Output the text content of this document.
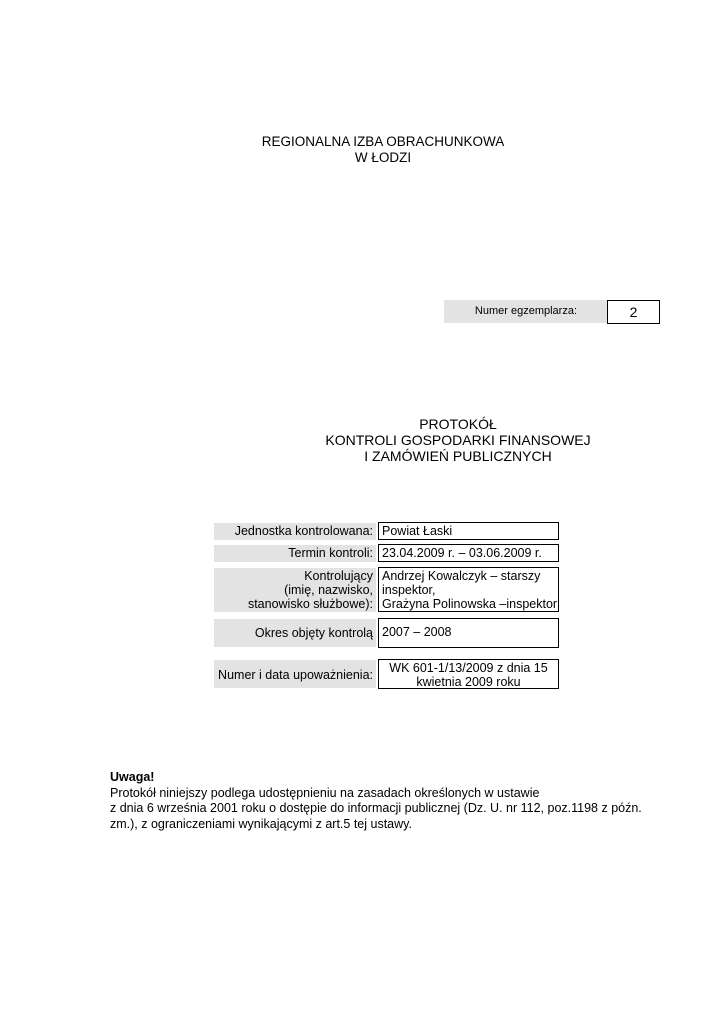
REGIONALNA IZBA OBRACHUNKOWA
W ŁODZI
Numer egzemplarza:	2
PROTOKÓŁ
KONTROLI GOSPODARKI FINANSOWEJ
I ZAMÓWIEŃ PUBLICZNYCH
Jednostka kontrolowana: Powiat Łaski
Termin kontroli: 23.04.2009 r. – 03.06.2009 r.
Kontrolujący
(imię, nazwisko,
stanowisko służbowe):
Andrzej Kowalczyk – starszy
inspektor,
Grażyna Polinowska –inspektor
Okres objęty kontrolą 2007 – 2008
Numer i data upoważnienia:	WK 601-1/13/2009 z dnia 15
kwietnia 2009 roku
Uwaga!
Protokół niniejszy podlega udostępnieniu na zasadach określonych w ustawie
z dnia 6 września 2001 roku o dostępie do informacji publicznej (Dz. U. nr 112, poz.1198 z późn.
zm.), z ograniczeniami wynikającymi z art.5 tej ustawy.
